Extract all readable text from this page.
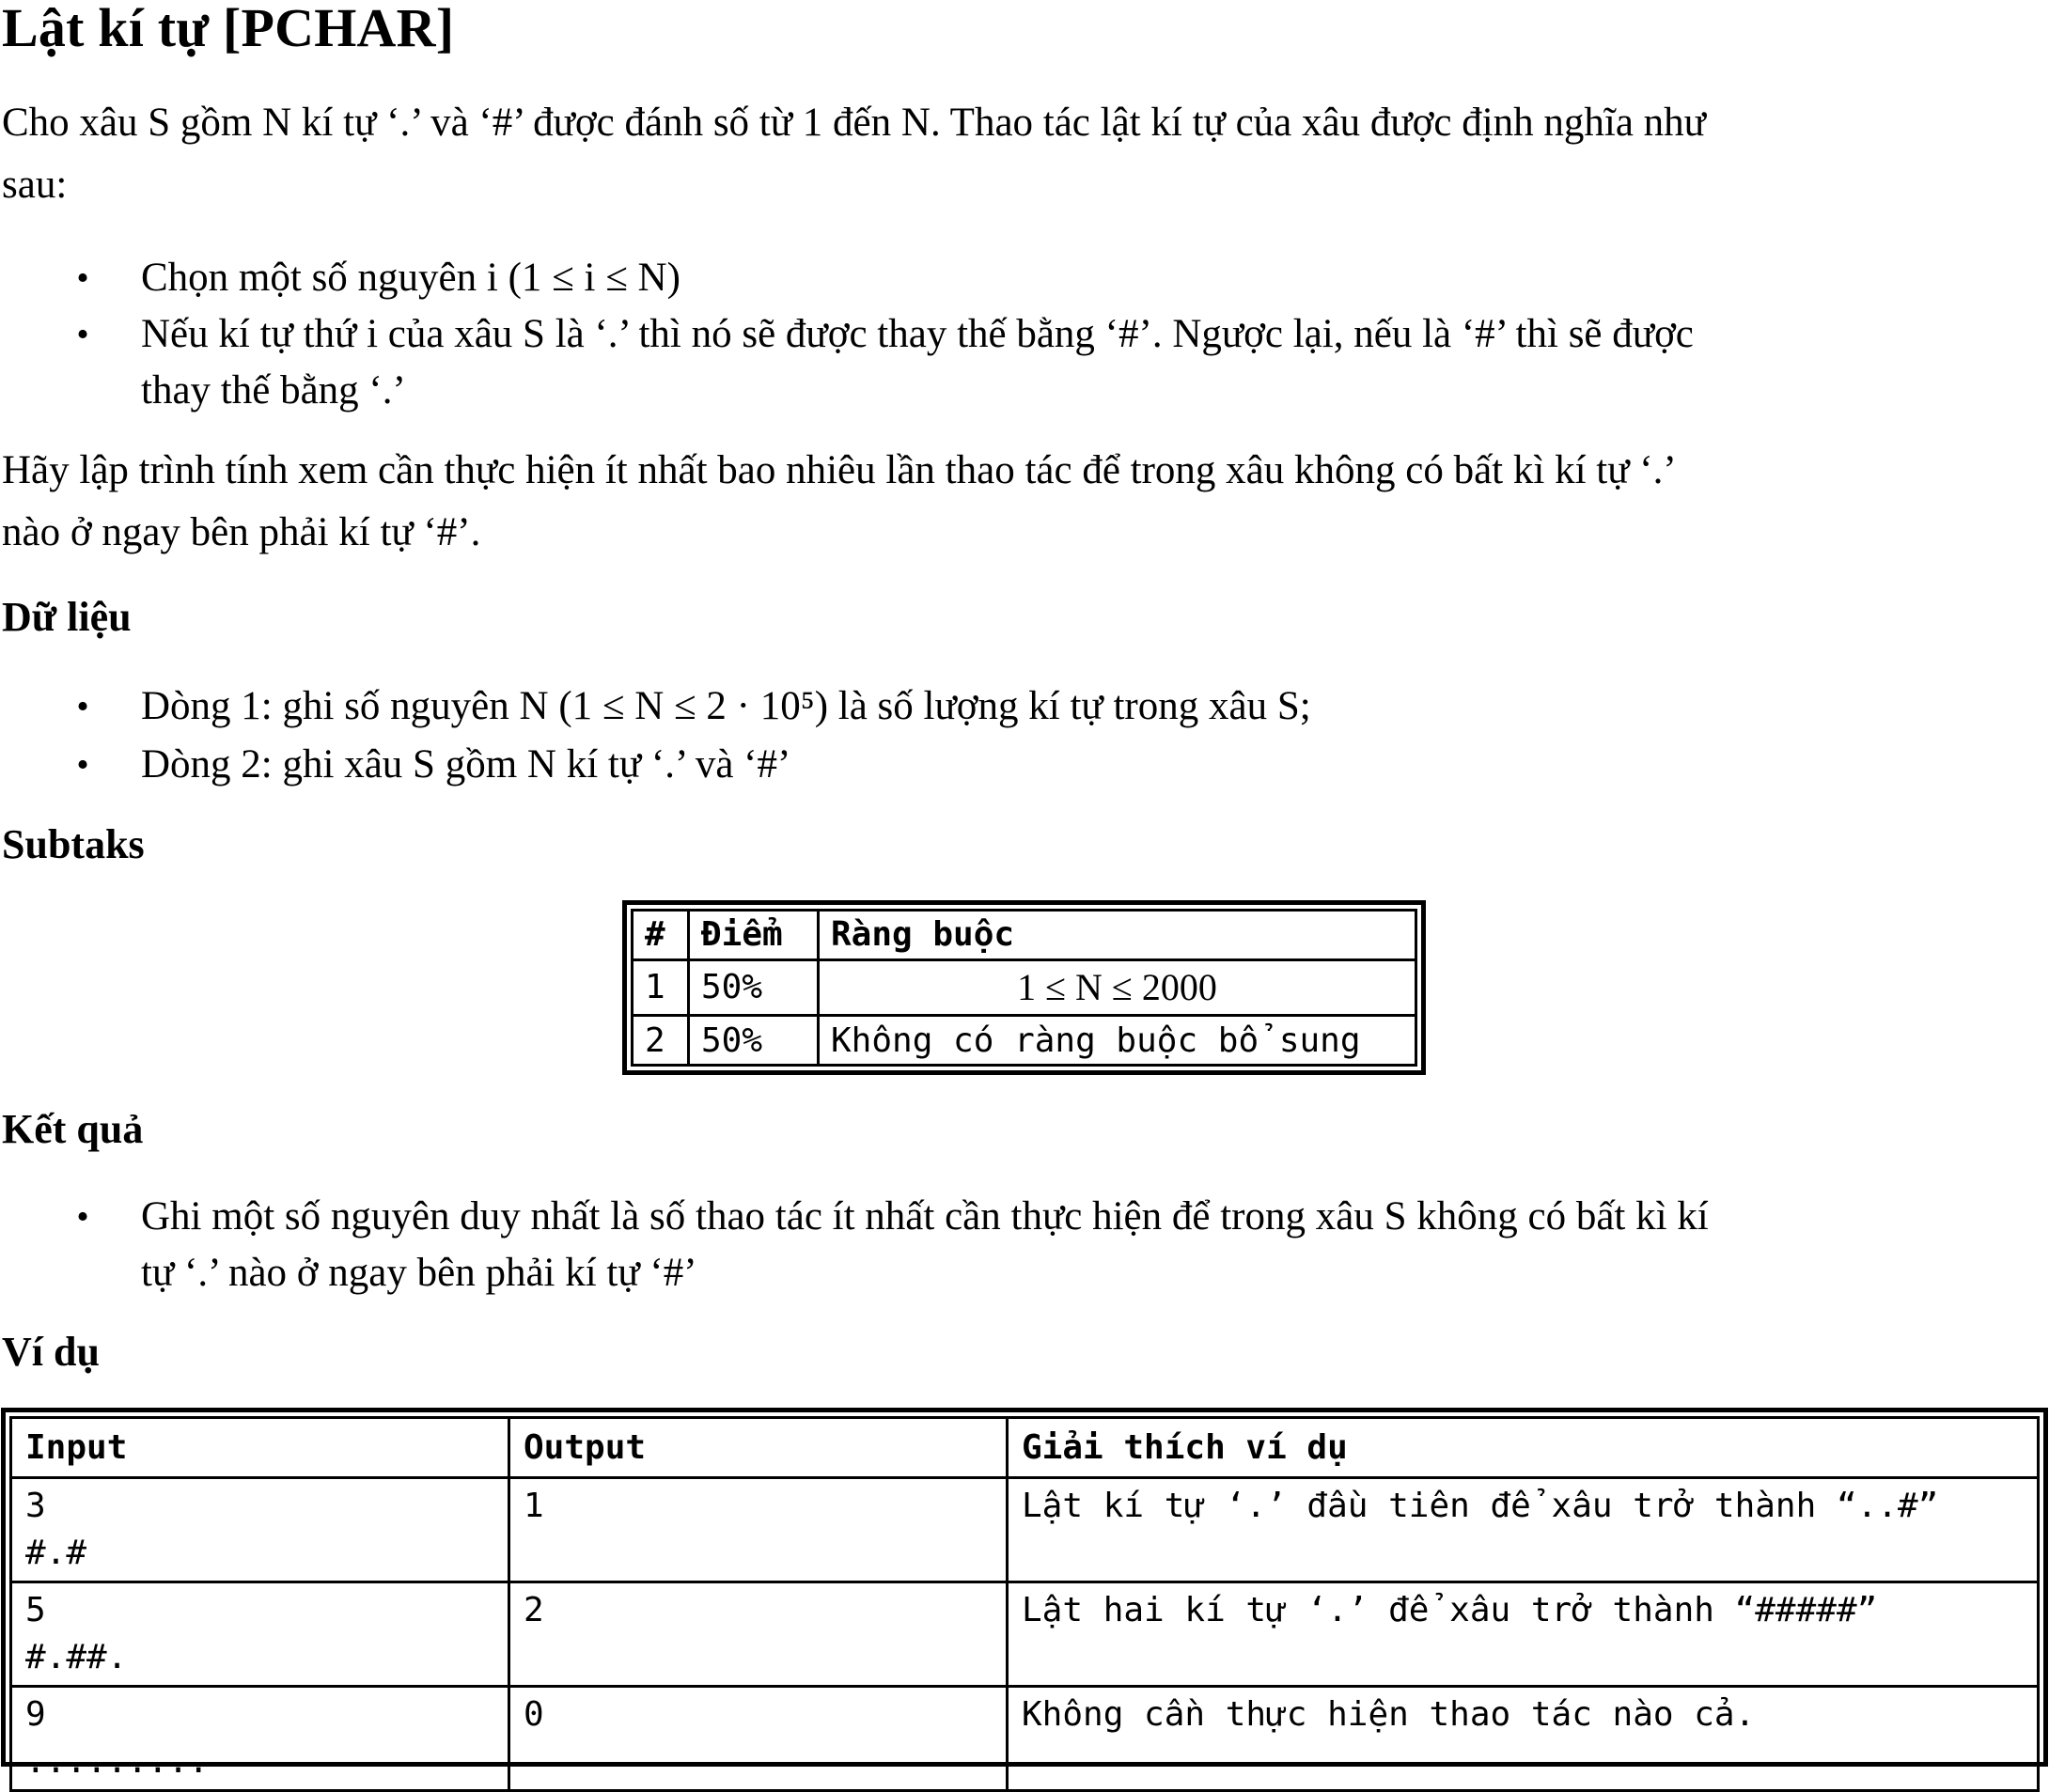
Lật kí tự [PCHAR]

Cho xâu S gồm N kí tự ‘.’ và ‘#’ được đánh số từ 1 đến N. Thao tác lật kí tự của xâu được định nghĩa như
sau:

• Chọn một số nguyên i (1 ≤ i ≤ N)
• Nếu kí tự thứ i của xâu S là ‘.’ thì nó sẽ được thay thế bằng ‘#’. Ngược lại, nếu là ‘#’ thì sẽ được
thay thế bằng ‘.’

Hãy lập trình tính xem cần thực hiện ít nhất bao nhiêu lần thao tác để trong xâu không có bất kì kí tự ‘.’
nào ở ngay bên phải kí tự ‘#’.

Dữ liệu
• Dòng 1: ghi số nguyên N (1 ≤ N ≤ 2 · 10⁵) là số lượng kí tự trong xâu S;
• Dòng 2: ghi xâu S gồm N kí tự ‘.’ và ‘#’
Subtaks
#	Điểm	Ràng buộc
1	50%	1 ≤ N ≤ 2000
2	50%	Không có ràng buộc bổ sung
Kết quả
• Ghi một số nguyên duy nhất là số thao tác ít nhất cần thực hiện để trong xâu S không có bất kì kí
tự ‘.’ nào ở ngay bên phải kí tự ‘#’
Ví dụ
Input	Output	Giải thích ví dụ
3
#.#	1	Lật kí tự ‘.’ đầu tiên để xâu trở thành “..#”
5
#.##.	2	Lật hai kí tự ‘.’ để xâu trở thành “#####”
9
.........	0	Không cần thực hiện thao tác nào cả.
